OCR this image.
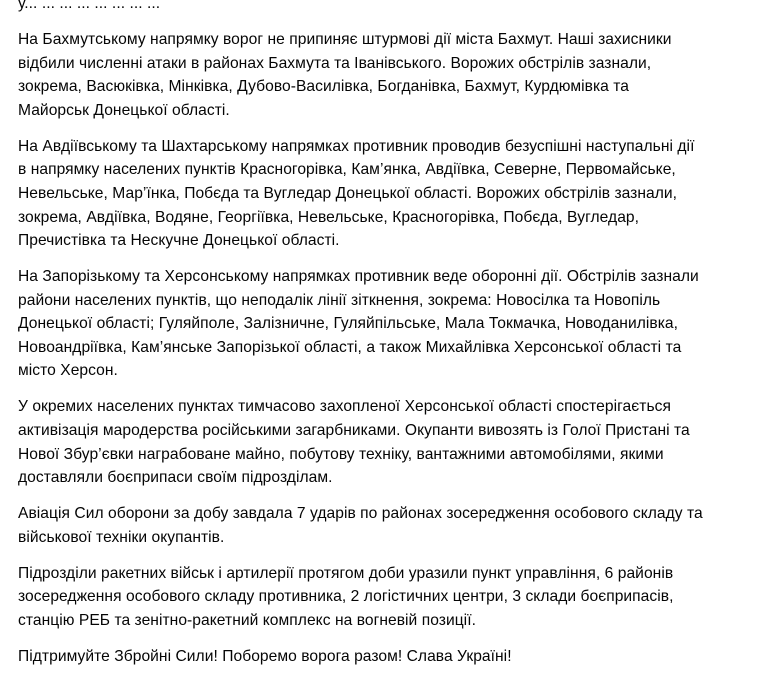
у... ... ... ... ... ... ... ...

На Бахмутському напрямку ворог не припиняє штурмові дії міста Бахмут. Наші захисники
відбили численні атаки в районах Бахмута та Іванівського. Ворожих обстрілів зазнали,
зокрема, Васюківка, Мінківка, Дубово-Василівка, Богданівка, Бахмут, Курдюмівка та
Майорськ Донецької області.

На Авдіївському та Шахтарському напрямках противник проводив безуспішні наступальні дії
в напрямку населених пунктів Красногорівка, Кам’янка, Авдіївка, Северне, Первомайське,
Невельське, Мар’їнка, Побєда та Вугледар Донецької області. Ворожих обстрілів зазнали,
зокрема, Авдіївка, Водяне, Георгіївка, Невельське, Красногорівка, Побєда, Вугледар,
Пречистівка та Нескучне Донецької області.

На Запорізькому та Херсонському напрямках противник веде оборонні дії. Обстрілів зазнали
райони населених пунктів, що неподалік лінії зіткнення, зокрема: Новосілка та Новопіль
Донецької області; Гуляйполе, Залізничне, Гуляйпільське, Мала Токмачка, Новоданилівка,
Новоандріївка, Кам’янське Запорізької області, а також Михайлівка Херсонської області та
місто Херсон.

У окремих населених пунктах тимчасово захопленої Херсонської області спостерігається
активізація мародерства російськими загарбниками. Окупанти вивозять із Голої Пристані та
Нової Збур’євки награбоване майно, побутову техніку, вантажними автомобілями, якими
доставляли боєприпаси своїм підрозділам.

Авіація Сил оборони за добу завдала 7 ударів по районах зосередження особового складу та
військової техніки окупантів.

Підрозділи ракетних військ і артилерії протягом доби уразили пункт управління, 6 районів
зосередження особового складу противника, 2 логістичних центри, 3 склади боєприпасів,
станцію РЕБ та зенітно-ракетний комплекс на вогневій позиції.

Підтримуйте Збройні Сили! Поборемо ворога разом! Слава Україні!
